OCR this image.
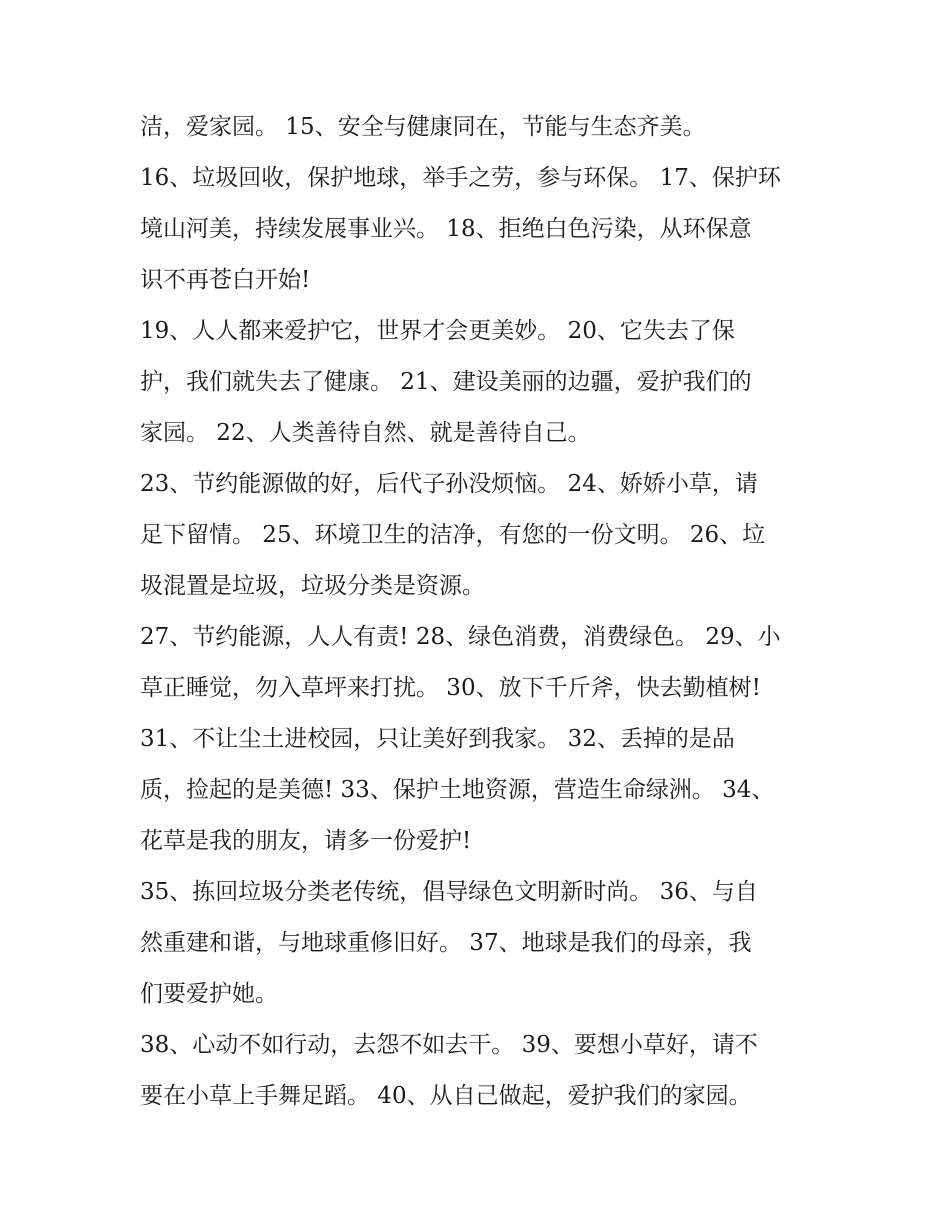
洁，爱家园。 15、安全与健康同在，节能与生态齐美。
16、垃圾回收，保护地球，举手之劳，参与环保。 17、保护环
境山河美，持续发展事业兴。 18、拒绝白色污染，从环保意
识不再苍白开始!
19、人人都来爱护它，世界才会更美妙。 20、它失去了保
护，我们就失去了健康。 21、建设美丽的边疆，爱护我们的
家园。 22、人类善待自然、就是善待自己。
23、节约能源做的好，后代子孙没烦恼。 24、娇娇小草，请
足下留情。 25、环境卫生的洁净，有您的一份文明。 26、垃
圾混置是垃圾，垃圾分类是资源。
27、节约能源，人人有责! 28、绿色消费，消费绿色。 29、小
草正睡觉，勿入草坪来打扰。 30、放下千斤斧，快去勤植树!
31、不让尘土进校园，只让美好到我家。 32、丢掉的是品
质，捡起的是美德! 33、保护土地资源，营造生命绿洲。 34、
花草是我的朋友，请多一份爱护!
35、拣回垃圾分类老传统，倡导绿色文明新时尚。 36、与自
然重建和谐，与地球重修旧好。 37、地球是我们的母亲，我
们要爱护她。
38、心动不如行动，去怨不如去干。 39、要想小草好，请不
要在小草上手舞足蹈。 40、从自己做起，爱护我们的家园。
